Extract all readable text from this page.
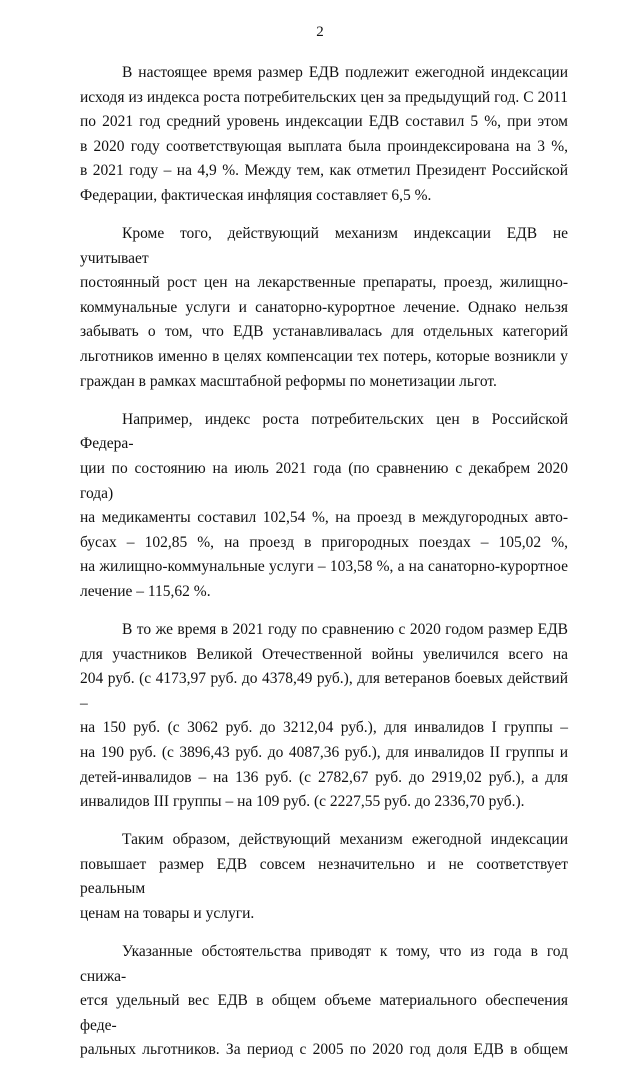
2

В настоящее время размер ЕДВ подлежит ежегодной индексации
исходя из индекса роста потребительских цен за предыдущий год. С 2011
по 2021 год средний уровень индексации ЕДВ составил 5 %, при этом
в 2020 году соответствующая выплата была проиндексирована на 3 %,
в 2021 году – на 4,9 %. Между тем, как отметил Президент Российской
Федерации, фактическая инфляция составляет 6,5 %.

Кроме того, действующий механизм индексации ЕДВ не учитывает
постоянный рост цен на лекарственные препараты, проезд, жилищно-
коммунальные услуги и санаторно-курортное лечение. Однако нельзя
забывать о том, что ЕДВ устанавливалась для отдельных категорий
льготников именно в целях компенсации тех потерь, которые возникли у
граждан в рамках масштабной реформы по монетизации льгот.

Например, индекс роста потребительских цен в Российской Федера-
ции по состоянию на июль 2021 года (по сравнению с декабрем 2020 года)
на медикаменты составил 102,54 %, на проезд в междугородных авто-
бусах – 102,85 %, на проезд в пригородных поездах – 105,02 %,
на жилищно-коммунальные услуги – 103,58 %, а на санаторно-курортное
лечение – 115,62 %.

В то же время в 2021 году по сравнению с 2020 годом размер ЕДВ
для участников Великой Отечественной войны увеличился всего на
204 руб. (с 4173,97 руб. до 4378,49 руб.), для ветеранов боевых действий –
на 150 руб. (с 3062 руб. до 3212,04 руб.), для инвалидов I группы –
на 190 руб. (с 3896,43 руб. до 4087,36 руб.), для инвалидов II группы и
детей-инвалидов – на 136 руб. (с 2782,67 руб. до 2919,02 руб.), а для
инвалидов III группы – на 109 руб. (с 2227,55 руб. до 2336,70 руб.).

Таким образом, действующий механизм ежегодной индексации
повышает размер ЕДВ совсем незначительно и не соответствует реальным
ценам на товары и услуги.

Указанные обстоятельства приводят к тому, что из года в год снижа-
ется удельный вес ЕДВ в общем объеме материального обеспечения феде-
ральных льготников. За период с 2005 по 2020 год доля ЕДВ в общем
